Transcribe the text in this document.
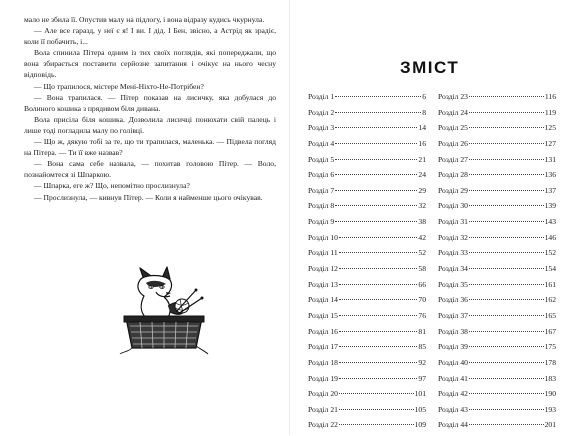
мало не збила її. Опустив малу на підлогу, і вона відразу кудись чкурнула.

— Але все гаразд, у неї є я! І ви. І дід. І Бен, звісно, а Астрід як зрадіє, коли її побачить, і...

Вола спинила Пітера одним із тих своїх поглядів, які попереджали, що вона збирається поставити серйозне запитання і очікує на нього чесну відповідь.

— Що трапилося, містере Мені-Ніхто-Не-Потрібен?

— Вона трапилася. — Пітер показав на лисичку, яка добулася до Волиного кошика з прядивом біля дивана.

Вола присіла біля кошика. Дозволила лисичці понюхати свій палець і лише тоді погладила малу по голівці.

— Що ж, дякую тобі за те, що ти трапилася, маленька. — Підвела погляд на Пітера. — Ти її вже назвав?

— Вона сама себе назвала, — похитав головою Пітер. — Воло, познайомтеся зі Шпаркою.

— Шпарка, еге ж? Що, непомітно прослизнула?

— Прослизнула, — кивнув Пітер. — Коли я найменше цього очікував.

ЗМІСТ
Розділ 1	6
Розділ 2	8
Розділ 3	14
Розділ 4	16
Розділ 5	21
Розділ 6	24
Розділ 7	29
Розділ 8	32
Розділ 9	38
Розділ 10	42
Розділ 11	52
Розділ 12	58
Розділ 13	66
Розділ 14	70
Розділ 15	76
Розділ 16	81
Розділ 17	85
Розділ 18	92
Розділ 19	97
Розділ 20	101
Розділ 21	105
Розділ 22	109
Розділ 23	116
Розділ 24	119
Розділ 25	125
Розділ 26	127
Розділ 27	131
Розділ 28	136
Розділ 29	137
Розділ 30	139
Розділ 31	143
Розділ 32	146
Розділ 33	152
Розділ 34	154
Розділ 35	161
Розділ 36	162
Розділ 37	165
Розділ 38	167
Розділ 39	175
Розділ 40	178
Розділ 41	183
Розділ 42	190
Розділ 43	193
Розділ 44	201
